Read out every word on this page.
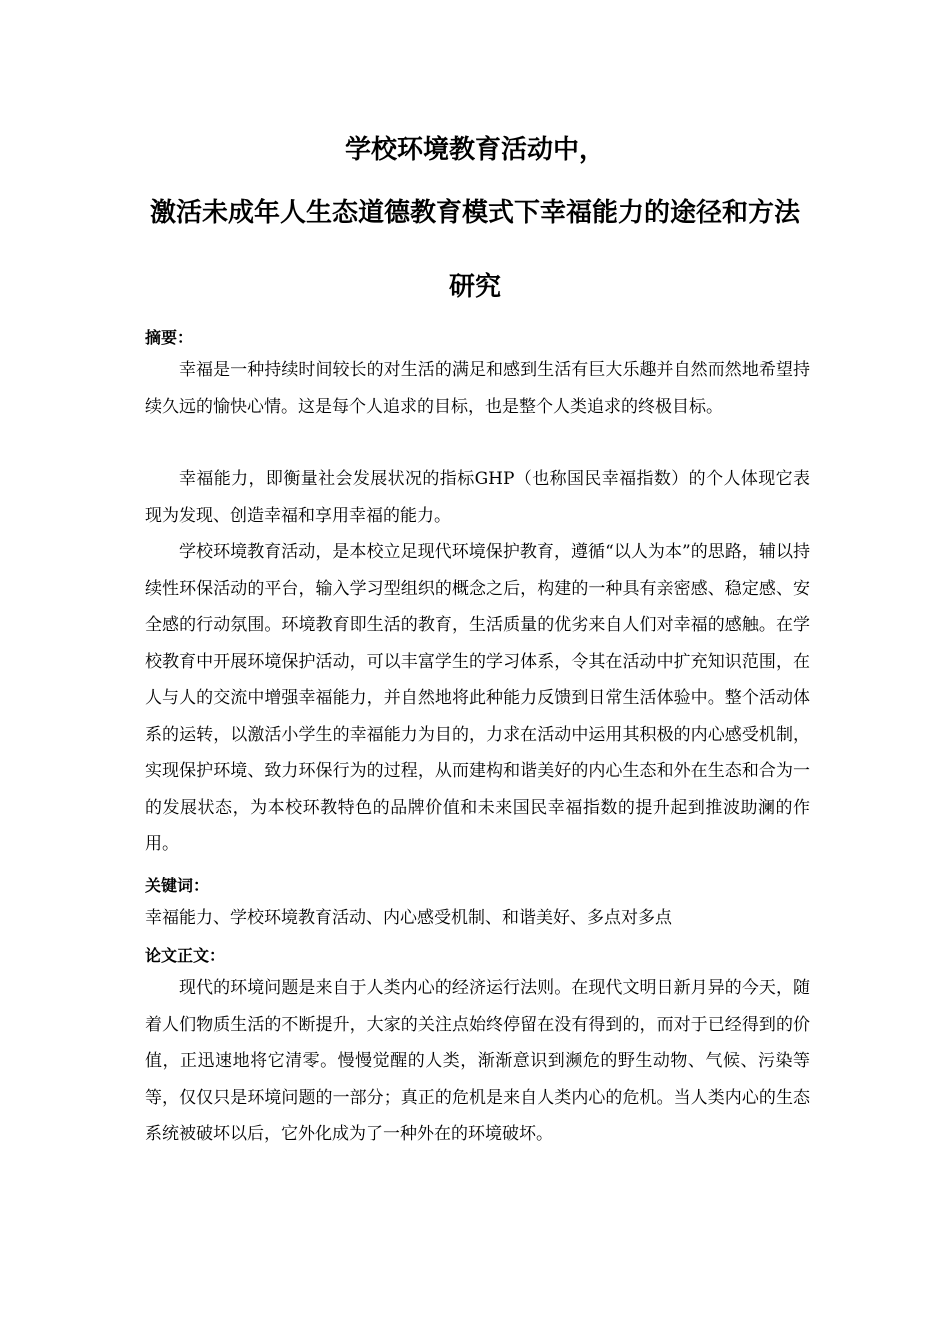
学校环境教育活动中，
激活未成年人生态道德教育模式下幸福能力的途径和方法
研究
摘要：

幸福是一种持续时间较长的对生活的满足和感到生活有巨大乐趣并自然而然地希望持续久远的愉快心情。这是每个人追求的目标，也是整个人类追求的终极目标。

幸福能力，即衡量社会发展状况的指标GHP（也称国民幸福指数）的个人体现它表现为发现、创造幸福和享用幸福的能力。

学校环境教育活动，是本校立足现代环境保护教育，遵循“以人为本”的思路，辅以持续性环保活动的平台，输入学习型组织的概念之后，构建的一种具有亲密感、稳定感、安全感的行动氛围。环境教育即生活的教育，生活质量的优劣来自人们对幸福的感触。在学校教育中开展环境保护活动，可以丰富学生的学习体系，令其在活动中扩充知识范围，在人与人的交流中增强幸福能力，并自然地将此种能力反馈到日常生活体验中。整个活动体系的运转，以激活小学生的幸福能力为目的，力求在活动中运用其积极的内心感受机制，实现保护环境、致力环保行为的过程，从而建构和谐美好的内心生态和外在生态和合为一的发展状态，为本校环教特色的品牌价值和未来国民幸福指数的提升起到推波助澜的作用。

关键词：

幸福能力、学校环境教育活动、内心感受机制、和谐美好、多点对多点

论文正文：

现代的环境问题是来自于人类内心的经济运行法则。在现代文明日新月异的今天，随着人们物质生活的不断提升，大家的关注点始终停留在没有得到的，而对于已经得到的价值，正迅速地将它清零。慢慢觉醒的人类，渐渐意识到濒危的野生动物、气候、污染等等，仅仅只是环境问题的一部分；真正的危机是来自人类内心的危机。当人类内心的生态系统被破坏以后，它外化成为了一种外在的环境破坏。
